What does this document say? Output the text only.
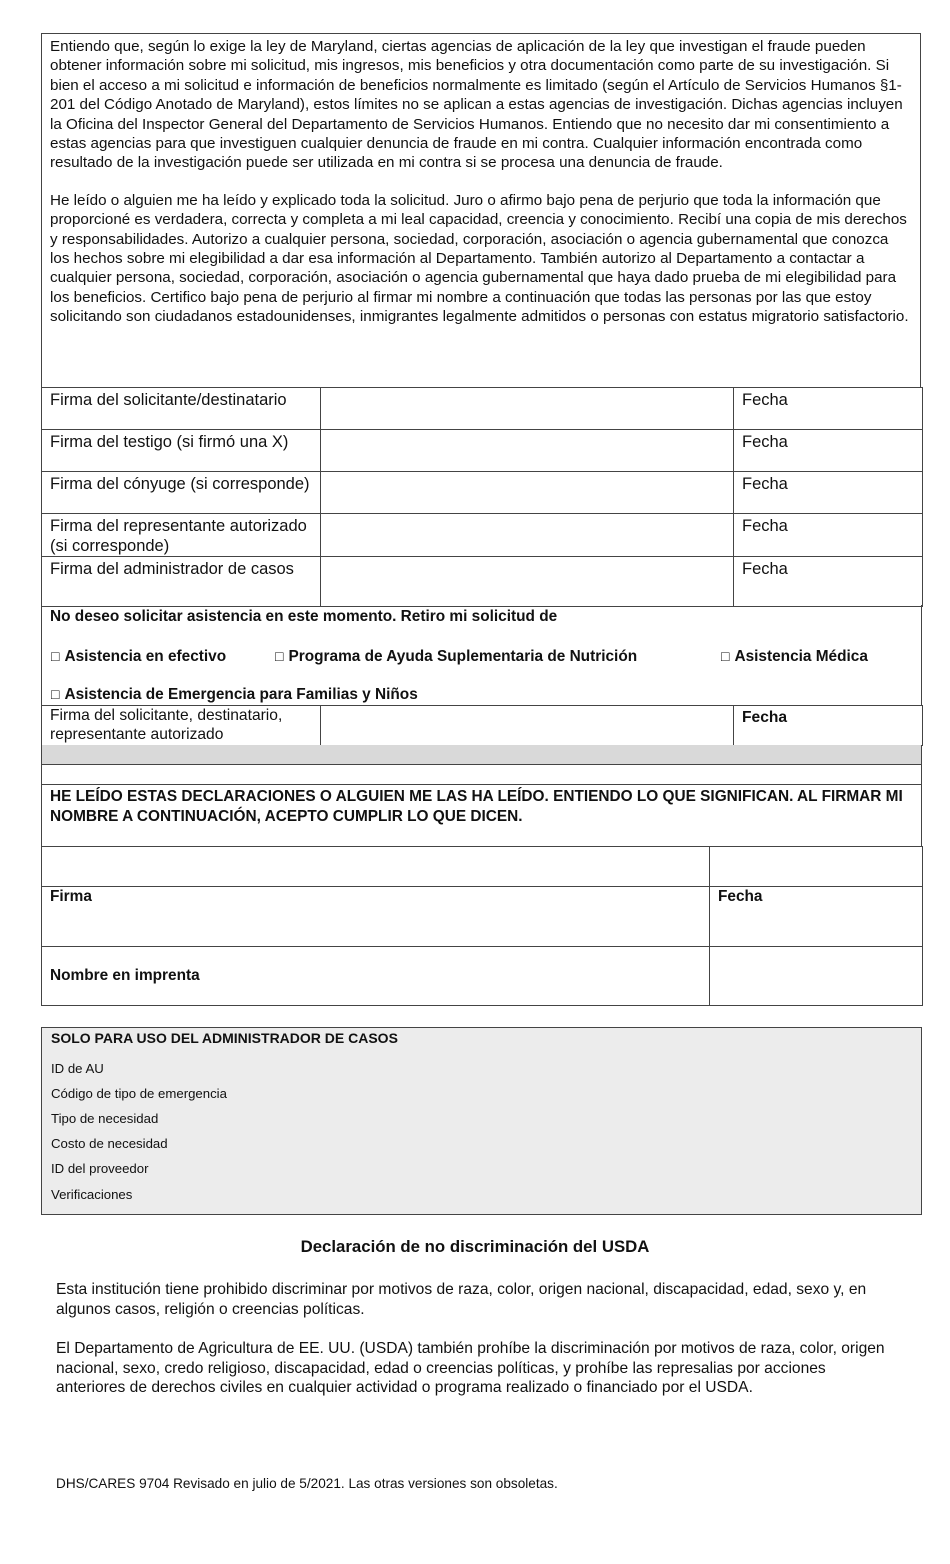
Entiendo que, según lo exige la ley de Maryland, ciertas agencias de aplicación de la ley que investigan el fraude pueden obtener información sobre mi solicitud, mis ingresos, mis beneficios y otra documentación como parte de su investigación. Si bien el acceso a mi solicitud e información de beneficios normalmente es limitado (según el Artículo de Servicios Humanos §1-201 del Código Anotado de Maryland), estos límites no se aplican a estas agencias de investigación. Dichas agencias incluyen la Oficina del Inspector General del Departamento de Servicios Humanos. Entiendo que no necesito dar mi consentimiento a estas agencias para que investiguen cualquier denuncia de fraude en mi contra. Cualquier información encontrada como resultado de la investigación puede ser utilizada en mi contra si se procesa una denuncia de fraude.

He leído o alguien me ha leído y explicado toda la solicitud. Juro o afirmo bajo pena de perjurio que toda la información que proporcioné es verdadera, correcta y completa a mi leal capacidad, creencia y conocimiento. Recibí una copia de mis derechos y responsabilidades. Autorizo a cualquier persona, sociedad, corporación, asociación o agencia gubernamental que conozca los hechos sobre mi elegibilidad a dar esa información al Departamento. También autorizo al Departamento a contactar a cualquier persona, sociedad, corporación, asociación o agencia gubernamental que haya dado prueba de mi elegibilidad para los beneficios. Certifico bajo pena de perjurio al firmar mi nombre a continuación que todas las personas por las que estoy solicitando son ciudadanos estadounidenses, inmigrantes legalmente admitidos o personas con estatus migratorio satisfactorio.

Firma del solicitante/destinatario		Fecha
Firma del testigo (si firmó una X)		Fecha
Firma del cónyuge (si corresponde)		Fecha
Firma del representante autorizado (si corresponde)		Fecha
Firma del administrador de casos		Fecha
No deseo solicitar asistencia en este momento. Retiro mi solicitud de
□ Asistencia en efectivo	□ Programa de Ayuda Suplementaria de Nutrición	□ Asistencia Médica
□ Asistencia de Emergencia para Familias y Niños
Firma del solicitante, destinatario, representante autorizado		Fecha
HE LEÍDO ESTAS DECLARACIONES O ALGUIEN ME LAS HA LEÍDO. ENTIENDO LO QUE SIGNIFICAN. AL FIRMAR MI NOMBRE A CONTINUACIÓN, ACEPTO CUMPLIR LO QUE DICEN.

Firma	Fecha
Nombre en imprenta	
SOLO PARA USO DEL ADMINISTRADOR DE CASOS
ID de AU
Código de tipo de emergencia
Tipo de necesidad
Costo de necesidad
ID del proveedor
Verificaciones
Declaración de no discriminación del USDA
Esta institución tiene prohibido discriminar por motivos de raza, color, origen nacional, discapacidad, edad, sexo y, en algunos casos, religión o creencias políticas.
El Departamento de Agricultura de EE. UU. (USDA) también prohíbe la discriminación por motivos de raza, color, origen nacional, sexo, credo religioso, discapacidad, edad o creencias políticas, y prohíbe las represalias por acciones anteriores de derechos civiles en cualquier actividad o programa realizado o financiado por el USDA.
DHS/CARES 9704 Revisado en julio de 5/2021. Las otras versiones son obsoletas.
